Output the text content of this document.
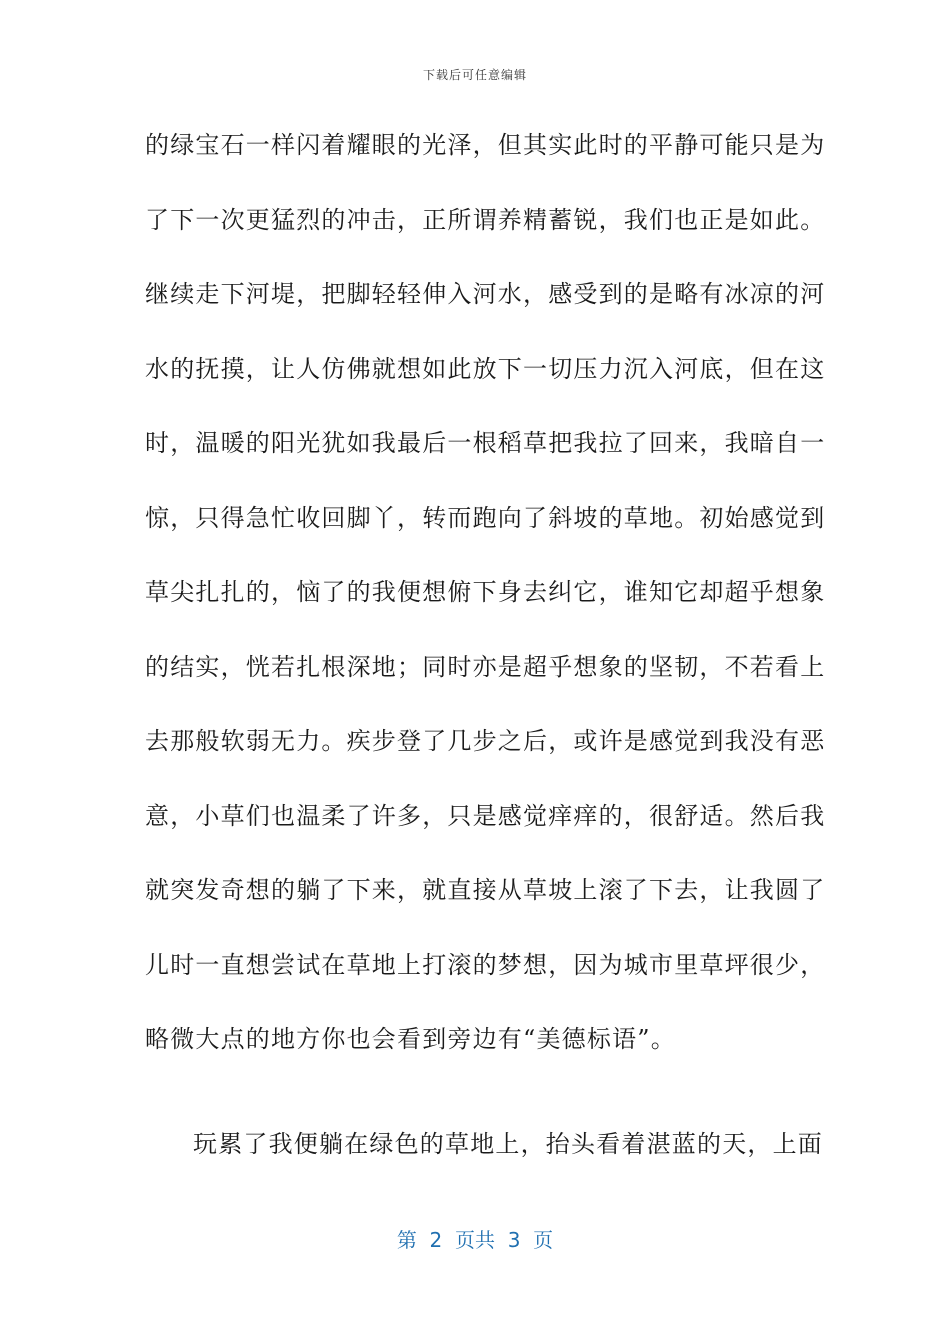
下载后可任意编辑
的绿宝石一样闪着耀眼的光泽，但其实此时的平静可能只是为
了下一次更猛烈的冲击，正所谓养精蓄锐，我们也正是如此。
继续走下河堤，把脚轻轻伸入河水，感受到的是略有冰凉的河
水的抚摸，让人仿佛就想如此放下一切压力沉入河底，但在这
时，温暖的阳光犹如我最后一根稻草把我拉了回来，我暗自一
惊，只得急忙收回脚丫，转而跑向了斜坡的草地。初始感觉到
草尖扎扎的，恼了的我便想俯下身去纠它，谁知它却超乎想象
的结实，恍若扎根深地；同时亦是超乎想象的坚韧，不若看上
去那般软弱无力。疾步登了几步之后，或许是感觉到我没有恶
意，小草们也温柔了许多，只是感觉痒痒的，很舒适。然后我
就突发奇想的躺了下来，就直接从草坡上滚了下去，让我圆了
儿时一直想尝试在草地上打滚的梦想，因为城市里草坪很少，
略微大点的地方你也会看到旁边有“美德标语”。
玩累了我便躺在绿色的草地上，抬头看着湛蓝的天，上面
第  2  页共  3  页
